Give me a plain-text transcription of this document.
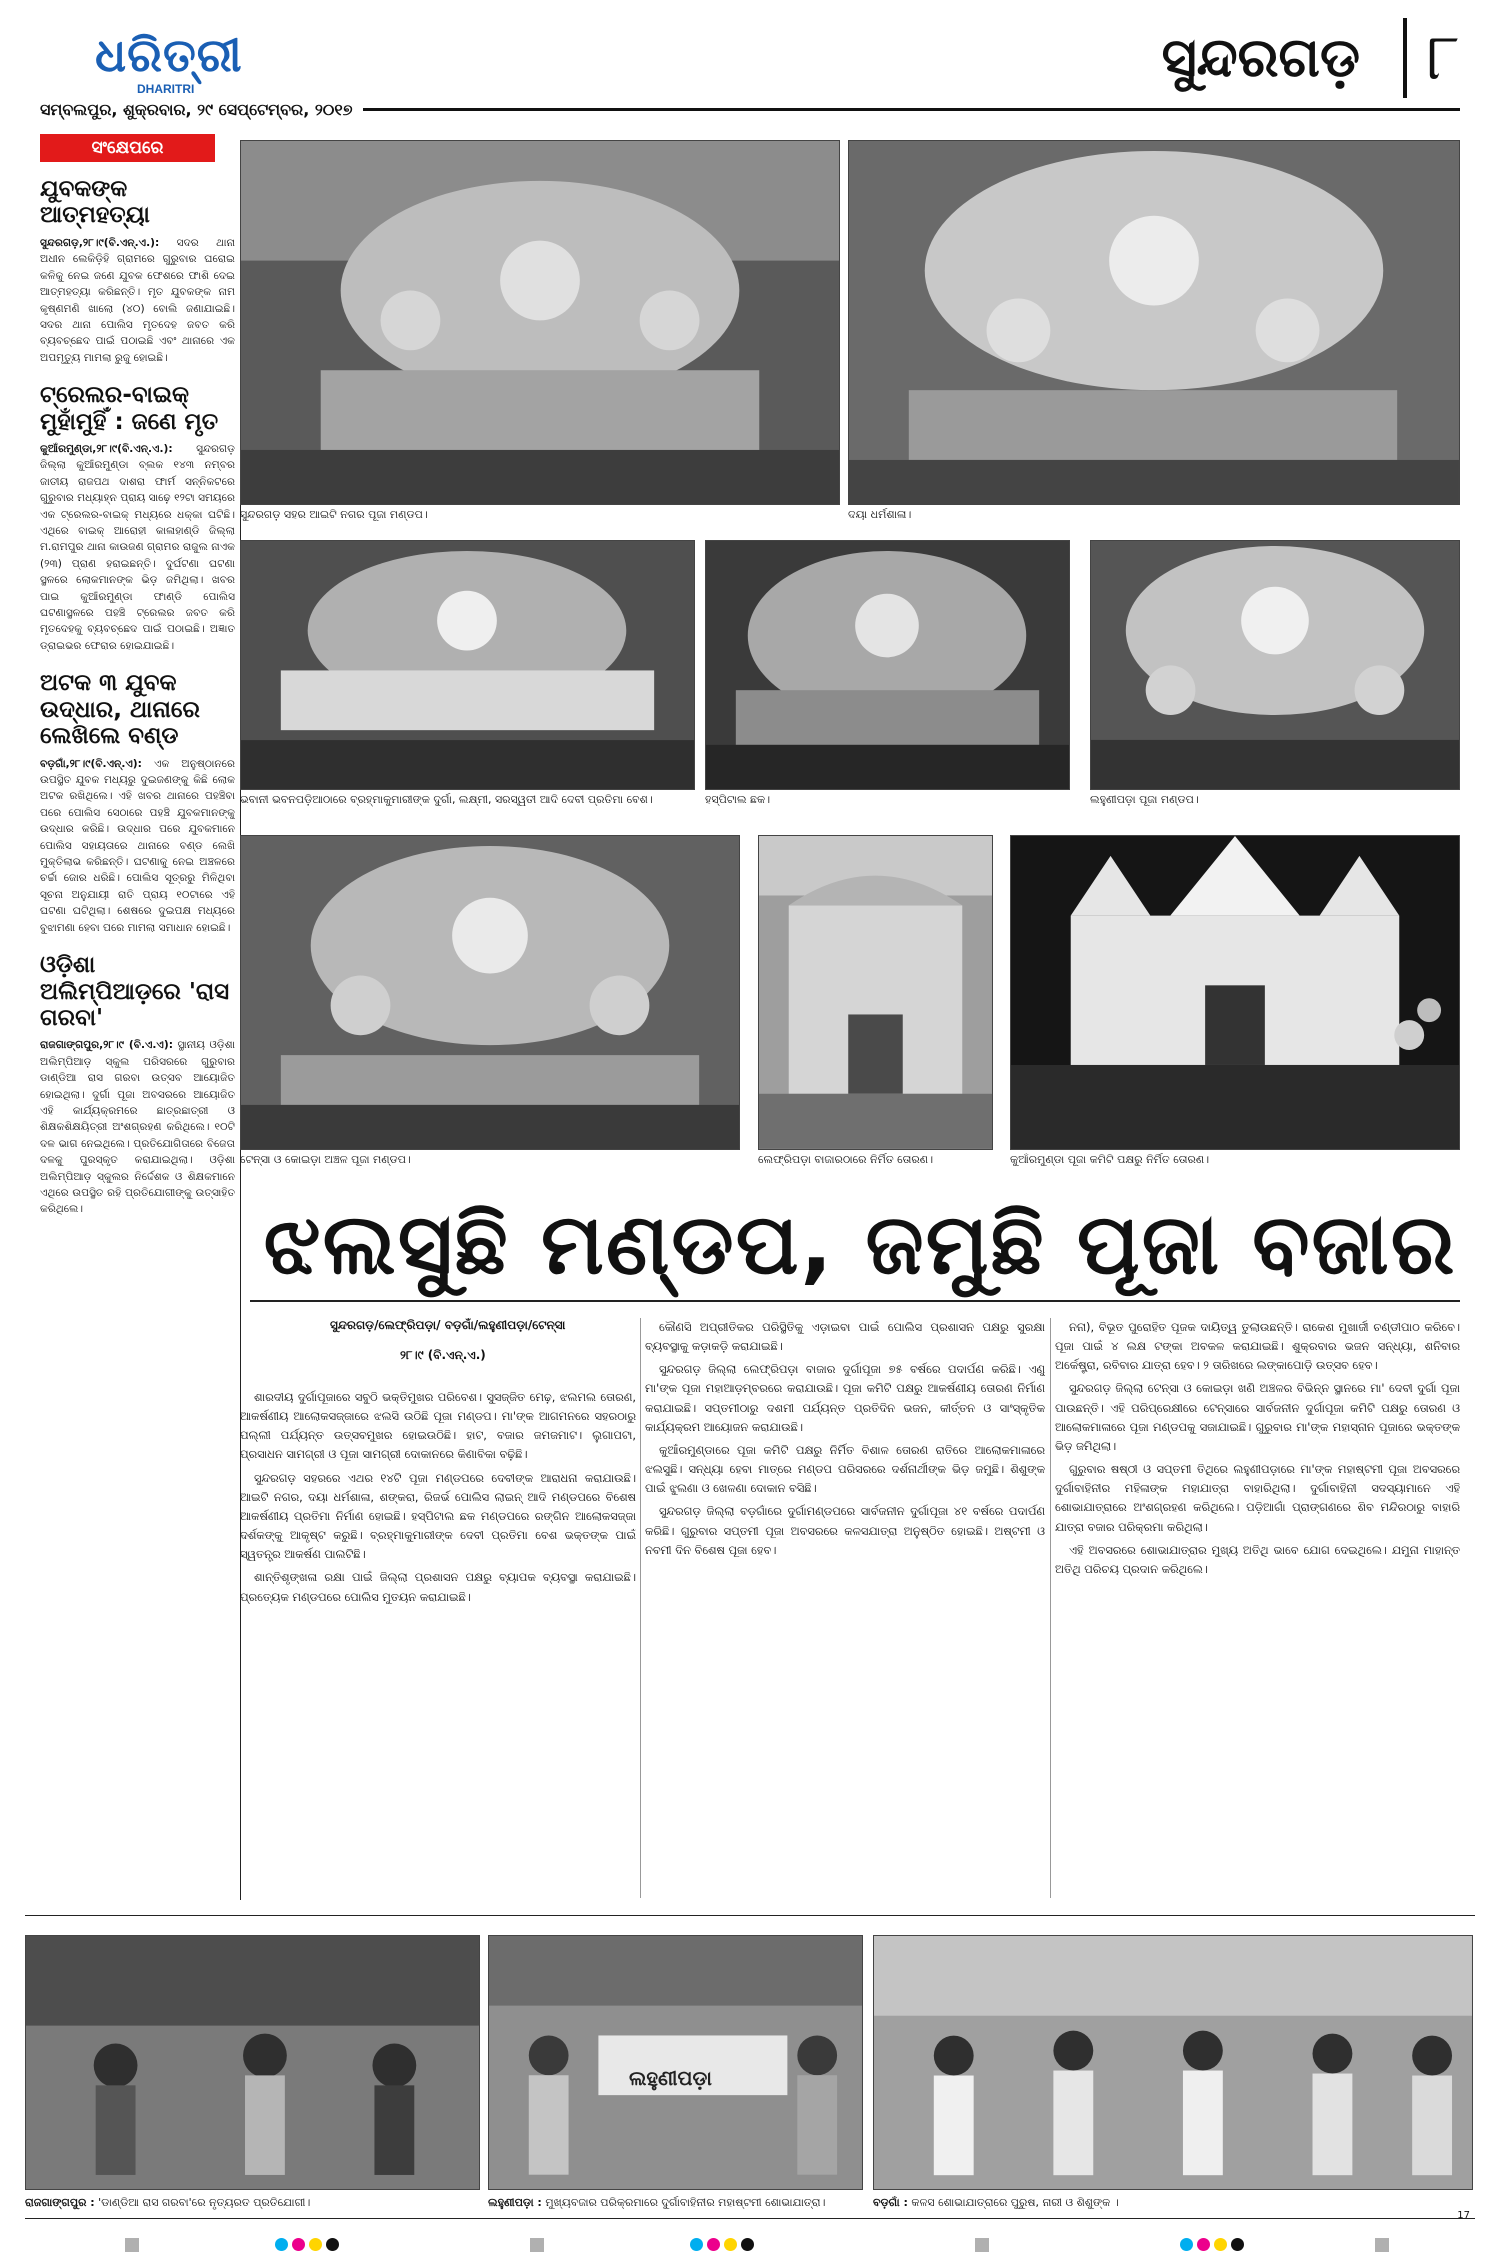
ଧରିତ୍ରୀ
DHARITRI	ସୁନ୍ଦରଗଡ଼	୮
ସମ୍ବଲପୁର, ଶୁକ୍ରବାର, ୨୯ ସେପ୍ଟେମ୍ବର, ୨୦୧୭
ସଂକ୍ଷେପରେ
ଯୁବକଙ୍କ ଆତ୍ମହତ୍ୟା

ସୁନ୍ଦରଗଡ଼,୨୮।୯(ବି.ଏନ୍.ଏ.): ସଦର ଥାନା ଅଧୀନ ଲେକିଡ଼ିହି ଗ୍ରାମରେ ଗୁରୁବାର ଘରୋଇ କଳିକୁ ନେଇ ଜଣେ ଯୁବକ ଫେଶରେ ଫାଶି ଦେଇ ଆତ୍ମହତ୍ୟା କରିଛନ୍ତି। ମୃତ ଯୁବକଙ୍କ ନାମ କୃଷ୍ଣମଣି ଖାଲୋ (୪୦) ବୋଲି ଜଣାଯାଇଛି। ସଦର ଥାନା ପୋଲିସ ମୃତଦେହ ଜବତ କରି ବ୍ୟବଚ୍ଛେଦ ପାଇଁ ପଠାଇଛି ଏବଂ ଥାନାରେ ଏକ ଅପମୃତ୍ୟୁ ମାମଲା ରୁଜୁ ହୋଇଛି।

ଟ୍ରେଲର-ବାଇକ୍ ମୁହାଁମୁହିଁ : ଜଣେ ମୃତ

କୁଆଁରମୁଣ୍ଡା,୨୮।୯(ବି.ଏନ୍.ଏ.): ସୁନ୍ଦରଗଡ଼ ଜିଲ୍ଲା କୁଆଁରମୁଣ୍ଡା ବ୍ଲକ ୧୪୩ ନମ୍ବର ଜାତୀୟ ରାଜପଥ ଦାଶରା ଫାର୍ମ ସନ୍ନିକଟରେ ଗୁରୁବାର ମଧ୍ୟାହ୍ନ ପ୍ରାୟ ସାଢ଼େ ୧୨ଟା ସମୟରେ ଏକ ଟ୍ରେଲର-ବାଇକ୍ ମଧ୍ୟରେ ଧକ୍କା ଘଟିଛି। ଏଥିରେ ବାଇକ୍ ଆରୋହୀ କାଳାହାଣ୍ଡି ଜିଲ୍ଲା ମ.ରାମପୁର ଥାନା କାଉଜଣ ଗ୍ରାମର ରାଜୁଲ ନାଏକ (୨୩) ପ୍ରାଣ ହରାଇଛନ୍ତି। ଦୁର୍ଘଟଣା ଘଟଣା ସ୍ଥଳରେ ଲୋକମାନଙ୍କ ଭିଡ଼ ଜମିଥିଲା। ଖବର ପାଇ କୁଆଁରମୁଣ୍ଡା ଫାଣ୍ଡି ପୋଲିସ ଘଟଣାସ୍ଥଳରେ ପହଞ୍ଚି ଟ୍ରେଲର ଜବତ କରି ମୃତଦେହକୁ ବ୍ୟବଚ୍ଛେଦ ପାଇଁ ପଠାଇଛି। ଅଜ୍ଞାତ ଡ୍ରାଇଭର ଫେରାର ହୋଇଯାଇଛି।

ଅଟକ ୩ ଯୁବକ ଉଦ୍ଧାର, ଥାନାରେ ଲେଖିଲେ ବଣ୍ଡ

ବଡ଼ଗାଁ,୨୮।୯(ବି.ଏନ୍.ଏ): ଏକ ଅନୁଷ୍ଠାନରେ ଉପସ୍ଥିତ ଯୁବକ ମଧ୍ୟରୁ ଦୁଇଜଣଙ୍କୁ କିଛି ଲୋକ ଅଟକ ରଖିଥିଲେ। ଏହି ଖବର ଥାନାରେ ପହଞ୍ଚିବା ପରେ ପୋଲିସ ସେଠାରେ ପହଞ୍ଚି ଯୁବକମାନଙ୍କୁ ଉଦ୍ଧାର କରିଛି। ଉଦ୍ଧାର ପରେ ଯୁବକମାନେ ପୋଲିସ ସହାୟତାରେ ଥାନାରେ ବଣ୍ଡ ଲେଖି ମୁକ୍ତିଲାଭ କରିଛନ୍ତି। ଘଟଣାକୁ ନେଇ ଅଞ୍ଚଳରେ ଚର୍ଚ୍ଚା ଜୋର ଧରିଛି। ପୋଲିସ ସୂତ୍ରରୁ ମିଳିଥିବା ସୂଚନା ଅନୁଯାୟୀ ରାତି ପ୍ରାୟ ୧୦ଟାରେ ଏହି ଘଟଣା ଘଟିଥିଲା। ଶେଷରେ ଦୁଇପକ୍ଷ ମଧ୍ୟରେ ବୁଝାମଣା ହେବା ପରେ ମାମଲା ସମାଧାନ ହୋଇଛି।

ଓଡ଼ିଶା ଅଲିମ୍ପିଆଡ଼ରେ 'ରାସ ଗରବା'

ରାଜଗାଙ୍ଗପୁର,୨୮।୯ (ବି.ଏ.ଏ): ସ୍ଥାନୀୟ ଓଡ଼ିଶା ଅଲିମ୍ପିଆଡ଼ ସ୍କୁଲ ପରିସରରେ ଗୁରୁବାର ଡାଣ୍ଡିଆ ରାସ ଗରବା ଉତ୍ସବ ଆୟୋଜିତ ହୋଇଥିଲା। ଦୁର୍ଗା ପୂଜା ଅବସରରେ ଆୟୋଜିତ ଏହି କାର୍ଯ୍ୟକ୍ରମରେ ଛାତ୍ରଛାତ୍ରୀ ଓ ଶିକ୍ଷକଶିକ୍ଷୟିତ୍ରୀ ଅଂଶଗ୍ରହଣ କରିଥିଲେ। ୧୦ଟି ଦଳ ଭାଗ ନେଇଥିଲେ। ପ୍ରତିଯୋଗିତାରେ ବିଜେତା ଦଳକୁ ପୁରସ୍କୃତ କରାଯାଇଥିଲା। ଓଡ଼ିଶା ଅଲିମ୍ପିଆଡ଼ ସ୍କୁଲର ନିର୍ଦ୍ଦେଶକ ଓ ଶିକ୍ଷକମାନେ ଏଥିରେ ଉପସ୍ଥିତ ରହି ପ୍ରତିଯୋଗୀଙ୍କୁ ଉତ୍ସାହିତ କରିଥିଲେ।

ସୁନ୍ଦରଗଡ଼ ସହର ଆଇଟି ନଗର ପୂଜା ମଣ୍ଡପ।	ଦୟା ଧର୍ମଶାଳା।
ଭବାନୀ ଭବନପଡ଼ିଆଠାରେ ବ୍ରହ୍ମାକୁମାରୀଙ୍କ ଦୁର୍ଗା, ଲକ୍ଷ୍ମୀ, ସରସ୍ୱତୀ ଆଦି ଦେବୀ ପ୍ରତିମା ବେଶ।	ହସ୍ପିଟାଲ ଛକ।	ଲହୁଣୀପଡ଼ା ପୂଜା ମଣ୍ଡପ।
ଟେନ୍ସା ଓ କୋଇଡ଼ା ଅଞ୍ଚଳ ପୂଜା ମଣ୍ଡପ।	ଲେଫ୍ରିପଡ଼ା ବାଜାରଠାରେ ନିର୍ମିତ ତୋରଣ।	କୁଆଁରମୁଣ୍ଡା ପୂଜା କମିଟି ପକ୍ଷରୁ ନିର୍ମିତ ତୋରଣ।
ଝଲସୁଛି ମଣ୍ଡପ, ଜମୁଛି ପୂଜା ବଜାର
ସୁନ୍ଦରଗଡ଼/ଲେଫ୍ରିପଡ଼ା/ ବଡ଼ଗାଁ/ଲହୁଣୀପଡ଼ା/ଟେନ୍ସା
୨୮।୯ (ବି.ଏନ୍.ଏ.)

ଶାରଦୀୟ ଦୁର୍ଗାପୂଜାରେ ସବୁଠି ଭକ୍ତିମୁଖର ପରିବେଶ। ସୁସଜ୍ଜିତ ମେଢ଼, ଝଲମଲ ତୋରଣ, ଆକର୍ଷଣୀୟ ଆଲୋକସଜ୍ଜାରେ ଝଲସି ଉଠିଛି ପୂଜା ମଣ୍ଡପ। ମା'ଙ୍କ ଆଗମନରେ ସହରଠାରୁ ପଲ୍ଲୀ ପର୍ଯ୍ୟନ୍ତ ଉତ୍ସବମୁଖର ହୋଇଉଠିଛି। ହାଟ, ବଜାର ଜମଜମାଟ। ଲୁଗାପଟା, ପ୍ରସାଧନ ସାମଗ୍ରୀ ଓ ପୂଜା ସାମଗ୍ରୀ ଦୋକାନରେ କିଣାବିକା ବଢ଼ିଛି।

ସୁନ୍ଦରଗଡ଼ ସହରରେ ଏଥର ୧୪ଟି ପୂଜା ମଣ୍ଡପରେ ଦେବୀଙ୍କ ଆରାଧନା କରାଯାଉଛି। ଆଇଟି ନଗର, ଦୟା ଧର୍ମଶାଳା, ଶଙ୍କରା, ରିଜର୍ଭ ପୋଲିସ ଲାଇନ୍ ଆଦି ମଣ୍ଡପରେ ବିଶେଷ ଆକର୍ଷଣୀୟ ପ୍ରତିମା ନିର୍ମାଣ ହୋଇଛି। ହସ୍ପିଟାଲ ଛକ ମଣ୍ଡପରେ ରଙ୍ଗିନ ଆଲୋକସଜ୍ଜା ଦର୍ଶକଙ୍କୁ ଆକୃଷ୍ଟ କରୁଛି। ବ୍ରହ୍ମାକୁମାରୀଙ୍କ ଦେବୀ ପ୍ରତିମା ବେଶ ଭକ୍ତଙ୍କ ପାଇଁ ସ୍ୱତନ୍ତ୍ର ଆକର୍ଷଣ ପାଲଟିଛି।

ଶାନ୍ତିଶୃଙ୍ଖଳା ରକ୍ଷା ପାଇଁ ଜିଲ୍ଲା ପ୍ରଶାସନ ପକ୍ଷରୁ ବ୍ୟାପକ ବ୍ୟବସ୍ଥା କରାଯାଇଛି। ପ୍ରତ୍ୟେକ ମଣ୍ଡପରେ ପୋଲିସ ମୁତୟନ କରାଯାଇଛି।

କୌଣସି ଅପ୍ରୀତିକର ପରିସ୍ଥିତିକୁ ଏଡ଼ାଇବା ପାଇଁ ପୋଲିସ ପ୍ରଶାସନ ପକ୍ଷରୁ ସୁରକ୍ଷା ବ୍ୟବସ୍ଥାକୁ କଡ଼ାକଡ଼ି କରାଯାଇଛି।

ସୁନ୍ଦରଗଡ଼ ଜିଲ୍ଲା ଲେଫ୍ରିପଡ଼ା ବାଜାର ଦୁର୍ଗାପୂଜା ୭୫ ବର୍ଷରେ ପଦାର୍ପଣ କରିଛି। ଏଣୁ ମା'ଙ୍କ ପୂଜା ମହାଆଡ଼ମ୍ବରରେ କରାଯାଉଛି। ପୂଜା କମିଟି ପକ୍ଷରୁ ଆକର୍ଷଣୀୟ ତୋରଣ ନିର୍ମାଣ କରାଯାଇଛି। ସପ୍ତମୀଠାରୁ ଦଶମୀ ପର୍ଯ୍ୟନ୍ତ ପ୍ରତିଦିନ ଭଜନ, କୀର୍ତ୍ତନ ଓ ସାଂସ୍କୃତିକ କାର୍ଯ୍ୟକ୍ରମ ଆୟୋଜନ କରାଯାଉଛି।

କୁଆଁରମୁଣ୍ଡାରେ ପୂଜା କମିଟି ପକ୍ଷରୁ ନିର୍ମିତ ବିଶାଳ ତୋରଣ ରାତିରେ ଆଲୋକମାଳାରେ ଝଲସୁଛି। ସନ୍ଧ୍ୟା ହେବା ମାତ୍ରେ ମଣ୍ଡପ ପରିସରରେ ଦର୍ଶନାର୍ଥୀଙ୍କ ଭିଡ଼ ଜମୁଛି। ଶିଶୁଙ୍କ ପାଇଁ ଝୁଲଣା ଓ ଖେଳଣା ଦୋକାନ ବସିଛି।

ସୁନ୍ଦରଗଡ଼ ଜିଲ୍ଲା ବଡ଼ଗାଁରେ ଦୁର୍ଗାମଣ୍ଡପରେ ସାର୍ବଜନୀନ ଦୁର୍ଗାପୂଜା ୪୧ ବର୍ଷରେ ପଦାର୍ପଣ କରିଛି। ଗୁରୁବାର ସପ୍ତମୀ ପୂଜା ଅବସରରେ କଳସଯାତ୍ରା ଅନୁଷ୍ଠିତ ହୋଇଛି। ଅଷ୍ଟମୀ ଓ ନବମୀ ଦିନ ବିଶେଷ ପୂଜା ହେବ।

ନନା), ବିଭୂତ ପୁରୋହିତ ପୂଜକ ଦାୟିତ୍ୱ ତୁଲାଉଛନ୍ତି। ରାକେଶ ମୁଖାର୍ଜୀ ଚଣ୍ଡୀପାଠ କରିବେ। ପୂଜା ପାଇଁ ୪ ଲକ୍ଷ ଟଙ୍କା ଅବକଳ କରାଯାଇଛି। ଶୁକ୍ରବାର ଭଜନ ସନ୍ଧ୍ୟା, ଶନିବାର ଅର୍କେଷ୍ଟ୍ରା, ରବିବାର ଯାତ୍ରା ହେବ। ୨ ତାରିଖରେ ଲଙ୍କାପୋଡ଼ି ଉତ୍ସବ ହେବ।

ସୁନ୍ଦରଗଡ଼ ଜିଲ୍ଲା ଟେନ୍ସା ଓ କୋଇଡ଼ା ଖଣି ଅଞ୍ଚଳର ବିଭିନ୍ନ ସ୍ଥାନରେ ମା' ଦେବୀ ଦୁର୍ଗା ପୂଜା ପାଉଛନ୍ତି। ଏହି ପରିପ୍ରେକ୍ଷୀରେ ଟେନ୍ସାରେ ସାର୍ବଜନୀନ ଦୁର୍ଗାପୂଜା କମିଟି ପକ୍ଷରୁ ତୋରଣ ଓ ଆଲୋକମାଳାରେ ପୂଜା ମଣ୍ଡପକୁ ସଜାଯାଇଛି। ଗୁରୁବାର ମା'ଙ୍କ ମହାସ୍ନାନ ପୂଜାରେ ଭକ୍ତଙ୍କ ଭିଡ଼ ଜମିଥିଲା।

ଗୁରୁବାର ଷଷ୍ଠୀ ଓ ସପ୍ତମୀ ତିଥିରେ ଲହୁଣୀପଡ଼ାରେ ମା'ଙ୍କ ମହାଷ୍ଟମୀ ପୂଜା ଅବସରରେ ଦୁର୍ଗାବାହିନୀର ମହିଳାଙ୍କ ମହାଯାତ୍ରା ବାହାରିଥିଲା। ଦୁର୍ଗାବାହିନୀ ସଦସ୍ୟାମାନେ ଏହି ଶୋଭାଯାତ୍ରାରେ ଅଂଶଗ୍ରହଣ କରିଥିଲେ। ପଡ଼ିଆଗାଁ ପ୍ରାଙ୍ଗଣରେ ଶିବ ମନ୍ଦିରଠାରୁ ବାହାରି ଯାତ୍ରା ବଜାର ପରିକ୍ରମା କରିଥିଲା।

ଏହି ଅବସରରେ ଶୋଭାଯାତ୍ରାର ମୁଖ୍ୟ ଅତିଥି ଭାବେ ଯୋଗ ଦେଇଥିଲେ। ଯମୁନା ମାହାନ୍ତ ଅତିଥି ପରିଚୟ ପ୍ରଦାନ କରିଥିଲେ।

ରାଜଗାଙ୍ଗପୁର : 'ଡାଣ୍ଡିଆ ରାସ ଗରବା'ରେ ନୃତ୍ୟରତ ପ୍ରତିଯୋଗୀ।
ଲହୁଣୀପଡ଼ା
ଲହୁଣୀପଡ଼ା : ମୁଖ୍ୟବଜାର ପରିକ୍ରମାରେ ଦୁର୍ଗାବାହିନୀର ମହାଷ୍ଟମୀ ଶୋଭାଯାତ୍ରା।	ବଡ଼ଗାଁ : କଳସ ଶୋଭାଯାତ୍ରାରେ ପୁରୁଷ, ନାରୀ ଓ ଶିଶୁଙ୍କ ।
17
